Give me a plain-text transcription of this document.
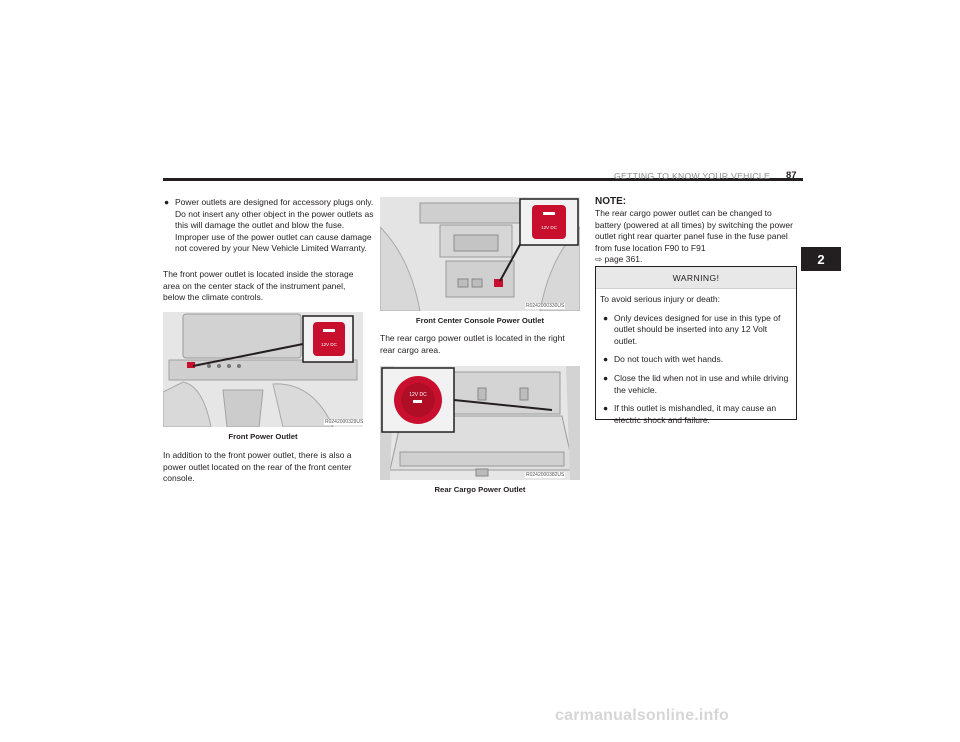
GETTING TO KNOW YOUR VEHICLE 87
2
● Power outlets are designed for accessory plugs only. Do not insert any other object in the power outlets as this will damage the outlet and blow the fuse. Improper use of the power outlet can cause damage not covered by your New Vehicle Limited Warranty.
The front power outlet is located inside the storage area on the center stack of the instrument panel, below the climate controls.
12V DC
R0242000329US
Front Power Outlet
In addition to the front power outlet, there is also a power outlet located on the rear of the front center console.
12V DC
R0242000330US
Front Center Console Power Outlet
The rear cargo power outlet is located in the right rear cargo area.
12V DC
R0242000382US
Rear Cargo Power Outlet
NOTE:
The rear cargo power outlet can be changed to battery (powered at all times) by switching the power outlet right rear quarter panel fuse in the fuse panel from fuse location F90 to F91
⇨ page 361.
WARNING!
To avoid serious injury or death:
● Only devices designed for use in this type of outlet should be inserted into any 12 Volt outlet.
● Do not touch with wet hands.
● Close the lid when not in use and while driving the vehicle.
● If this outlet is mishandled, it may cause an electric shock and failure.
carmanualsonline.info
